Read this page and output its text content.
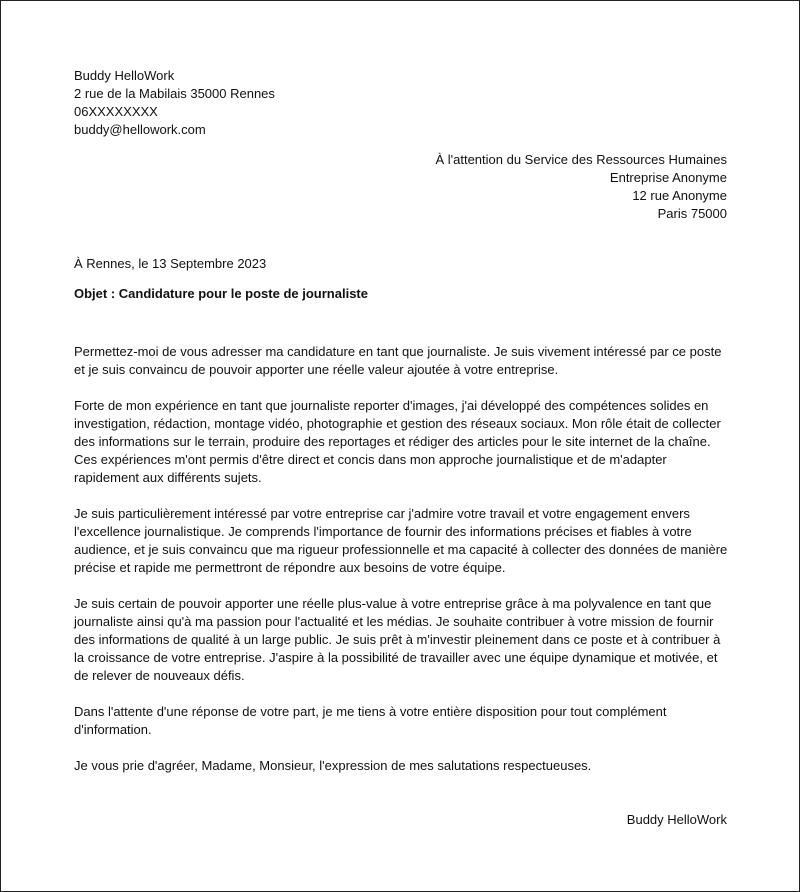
Buddy HelloWork
2 rue de la Mabilais 35000 Rennes
06XXXXXXXX
buddy@hellowork.com
À l'attention du Service des Ressources Humaines
Entreprise Anonyme
12 rue Anonyme
Paris 75000
À Rennes, le 13 Septembre 2023
Objet : Candidature pour le poste de journaliste

Permettez-moi de vous adresser ma candidature en tant que journaliste. Je suis vivement intéressé par ce poste et je suis convaincu de pouvoir apporter une réelle valeur ajoutée à votre entreprise.

Forte de mon expérience en tant que journaliste reporter d'images, j'ai développé des compétences solides en investigation, rédaction, montage vidéo, photographie et gestion des réseaux sociaux. Mon rôle était de collecter des informations sur le terrain, produire des reportages et rédiger des articles pour le site internet de la chaîne. Ces expériences m'ont permis d'être direct et concis dans mon approche journalistique et de m'adapter rapidement aux différents sujets.

Je suis particulièrement intéressé par votre entreprise car j'admire votre travail et votre engagement envers l'excellence journalistique. Je comprends l'importance de fournir des informations précises et fiables à votre audience, et je suis convaincu que ma rigueur professionnelle et ma capacité à collecter des données de manière précise et rapide me permettront de répondre aux besoins de votre équipe.

Je suis certain de pouvoir apporter une réelle plus-value à votre entreprise grâce à ma polyvalence en tant que journaliste ainsi qu'à ma passion pour l'actualité et les médias. Je souhaite contribuer à votre mission de fournir des informations de qualité à un large public. Je suis prêt à m'investir pleinement dans ce poste et à contribuer à la croissance de votre entreprise. J'aspire à la possibilité de travailler avec une équipe dynamique et motivée, et de relever de nouveaux défis.

Dans l'attente d'une réponse de votre part, je me tiens à votre entière disposition pour tout complément d'information.

Je vous prie d'agréer, Madame, Monsieur, l'expression de mes salutations respectueuses.

Buddy HelloWork
